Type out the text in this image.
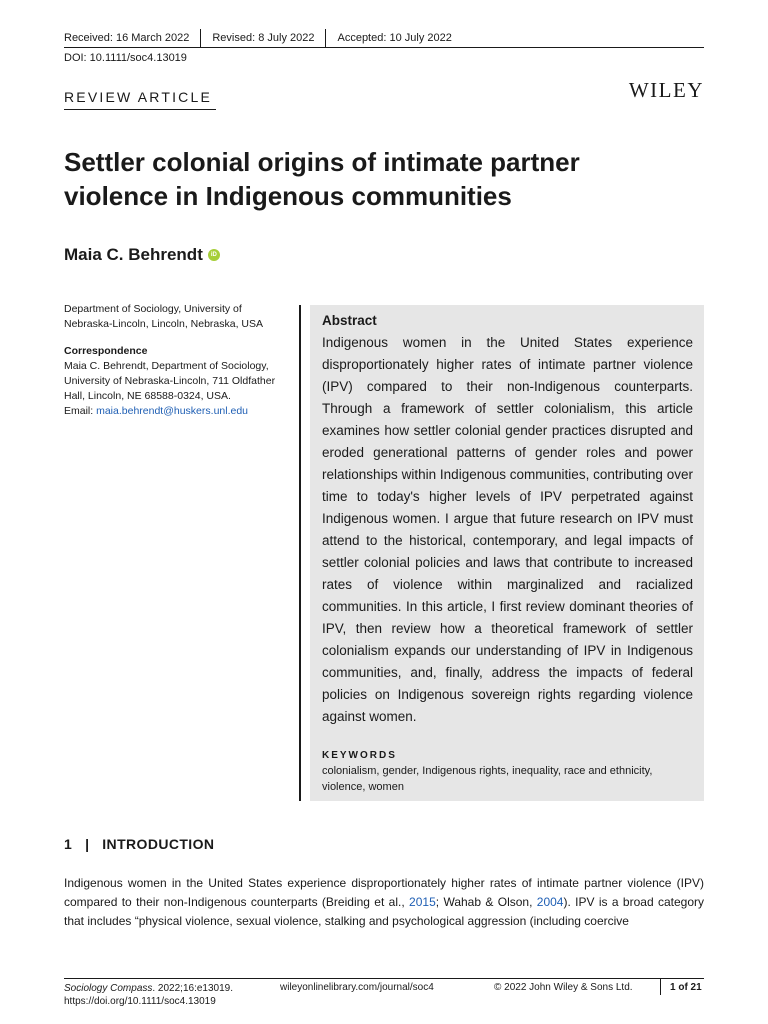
Received: 16 March 2022 Revised: 8 July 2022 Accepted: 10 July 2022
DOI: 10.1111/soc4.13019
REVIEW ARTICLE	WILEY
Settler colonial origins of intimate partner violence in Indigenous communities
Maia C. Behrendt	iD

Department of Sociology, University of Nebraska-Lincoln, Lincoln, Nebraska, USA

Correspondence
Maia C. Behrendt, Department of Sociology, University of Nebraska-Lincoln, 711 Oldfather Hall, Lincoln, NE 68588-0324, USA.
Email: maia.behrendt@huskers.unl.edu

Abstract

Indigenous women in the United States experience disproportionately higher rates of intimate partner violence (IPV) compared to their non-Indigenous counterparts. Through a framework of settler colonialism, this article examines how settler colonial gender practices disrupted and eroded generational patterns of gender roles and power relationships within Indigenous communities, contributing over time to today's higher levels of IPV perpetrated against Indigenous women. I argue that future research on IPV must attend to the historical, contemporary, and legal impacts of settler colonial policies and laws that contribute to increased rates of violence within marginalized and racialized communities. In this article, I first review dominant theories of IPV, then review how a theoretical framework of settler colonialism expands our understanding of IPV in Indigenous communities, and, finally, address the impacts of federal policies on Indigenous sovereign rights regarding violence against women.

KEYWORDS

colonialism, gender, Indigenous rights, inequality, race and ethnicity, violence, women

1 | INTRODUCTION
Indigenous women in the United States experience disproportionately higher rates of intimate partner violence (IPV) compared to their non-Indigenous counterparts (Breiding et al., 2015; Wahab & Olson, 2004). IPV is a broad category that includes “physical violence, sexual violence, stalking and psychological aggression (including coercive
Sociology Compass. 2022;16:e13019.
https://doi.org/10.1111/soc4.13019
wileyonlinelibrary.com/journal/soc4	© 2022 John Wiley & Sons Ltd.	1 of 21
